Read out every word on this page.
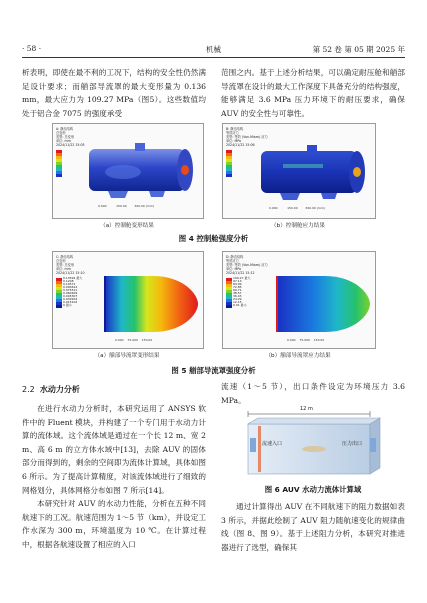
· 58 ·	机械	第 52 卷 第 05 期 2025 年

析表明，即使在最不利的工况下，结构的安全性仍然满足设计要求；而艏部导流罩的最大变形量为 0.136 mm，最大应力为 109.27 MPa（图5）。这些数值均处于铝合金 7075 的强度承受

范围之内。基于上述分析结果，可以确定耐压舱和艏部导流罩在设计的最大工作深度下具备充分的结构强度，能够满足 3.6 MPa 压力环境下的耐压要求，确保 AUV 的安全性与可靠性。

A: 静态结构
总变形
类型: 总变形
单位: mm
2024/11/22 15:05
0.000	150.00	300.00 (mm)
（a）控制舱变形结果
B: 静态结构
等效应力
类型: 等效 (Von-Mises) 应力
单位: MPa
2024/11/22 15:06
0.000	150.00	300.00 (mm)
（b）控制舱应力结果
图 4 控制舱强度分析
C: 静态结构
总变形
类型: 总变形
单位: mm
2024/11/22 15:10
0.13592 最大
0.1208
0.10571
0.090612
0.075511
0.060409
0.045307
0.030204
0.015102
0 最小
0.000 75.000 150.00
（a）艏部导流罩变形结果
D: 静态结构
等效应力
类型: 等效 (Von-Mises) 应力
单位: MPa
2024/11/22 15:12
109.27 最大
97.13
84.99
72.85
60.71
48.57
36.43
24.29
12.15
0.01 最小
0.000 75.000 150.00
（b）艏部导流罩应力结果
图 5 艏部导流罩强度分析
2.2 水动力分析

在进行水动力分析时，本研究运用了 ANSYS 软件中的 Fluent 模块，并构建了一个专门用于水动力计算的流体域。这个流体域是通过在一个长 12 m、宽 2 m、高 6 m 的立方体水域中[13]，去除 AUV 的固体部分而得到的，剩余的空间即为流体计算域，具体如图 6 所示。为了提高计算精度，对该流体域进行了细致的网格划分，具体网格分布如图 7 所示[14]。

本研究针对 AUV 的水动力性能，分析在五种不同航速下的工况。航速范围为 1～5 节（km），并设定工作水深为 300 m，环境温度为 10 ℃。在计算过程中，根据各航速设置了相应的入口

流速（1～5 节），出口条件设定为环境压力 3.6 MPa。

12 m
流速入口	压力出口
图 6 AUV 水动力流体计算域

通过计算得出 AUV 在不同航速下的阻力数据如表 3 所示，并据此绘制了 AUV 阻力随航速变化的规律曲线（图 8、图 9）。基于上述阻力分析，本研究对推进器进行了选型，确保其
